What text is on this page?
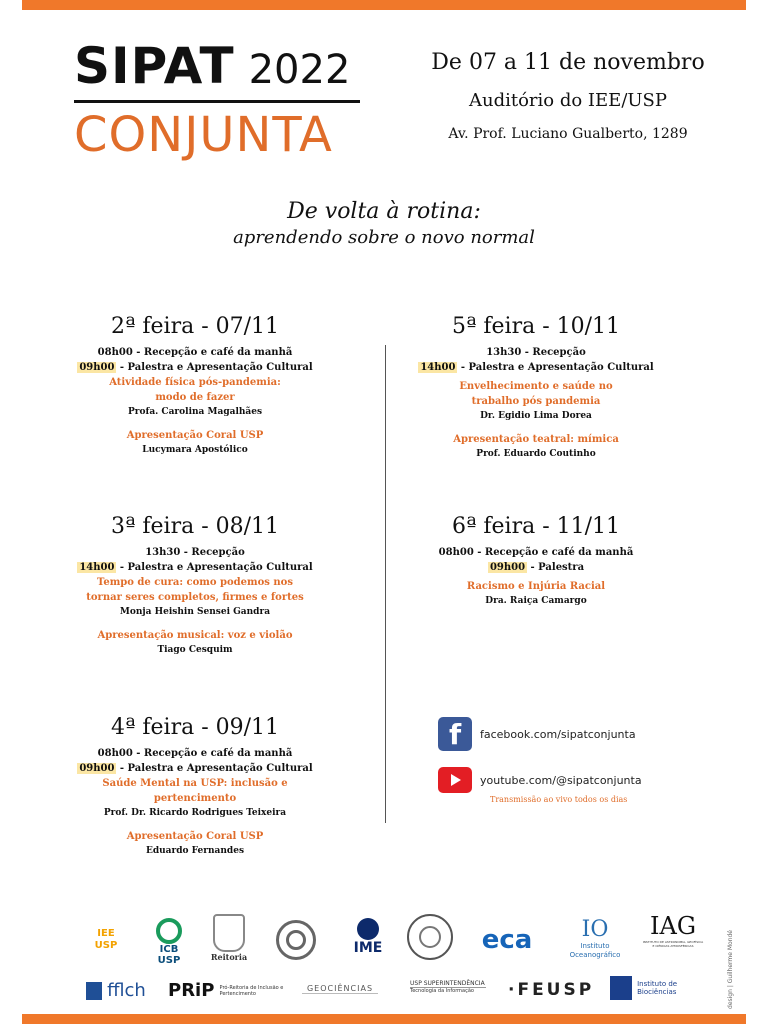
SIPAT 2022
CONJUNTA
De 07 a 11 de novembro
Auditório do IEE/USP
Av. Prof. Luciano Gualberto, 1289
De volta à rotina:
aprendendo sobre o novo normal
2ª feira - 07/11
08h00 - Recepção e café da manhã
09h00 - Palestra e Apresentação Cultural
Atividade física pós-pandemia:
modo de fazer
Profa. Carolina Magalhães
Apresentação Coral USP
Lucymara Apostólico
5ª feira - 10/11
13h30 - Recepção
14h00 - Palestra e Apresentação Cultural
Envelhecimento e saúde no
trabalho pós pandemia
Dr. Egidio Lima Dorea
Apresentação teatral: mímica
Prof. Eduardo Coutinho
3ª feira - 08/11
13h30 - Recepção
14h00 - Palestra e Apresentação Cultural
Tempo de cura: como podemos nos
tornar seres completos, firmes e fortes
Monja Heishin Sensei Gandra
Apresentação musical: voz e violão
Tiago Cesquim
6ª feira - 11/11
08h00 - Recepção e café da manhã
09h00 - Palestra
Racismo e Injúria Racial
Dra. Raiça Camargo
4ª feira - 09/11
08h00 - Recepção e café da manhã
09h00 - Palestra e Apresentação Cultural
Saúde Mental na USP: inclusão e
pertencimento
Prof. Dr. Ricardo Rodrigues Teixeira
Apresentação Coral USP
Eduardo Fernandes
ffacebook.com/sipatconjunta
youtube.com/@sipatconjunta
Transmissão ao vivo todos os dias
IEE USP	ICB USP	Reitoria
IME	eca	IO
Instituto Oceanográfico
IAG
INSTITUTO DE ASTRONOMIA, GEOFÍSICA E CIÊNCIAS ATMOSFÉRICAS
fflch	PRiP Pró-Reitoria de Inclusão e Pertencimento
GEOCIÊNCIAS
USP SUPERINTENDÊNCIA
Tecnologia da Informação	·FEUSP	Instituto de Biociências	design | Guilherme Mondé
